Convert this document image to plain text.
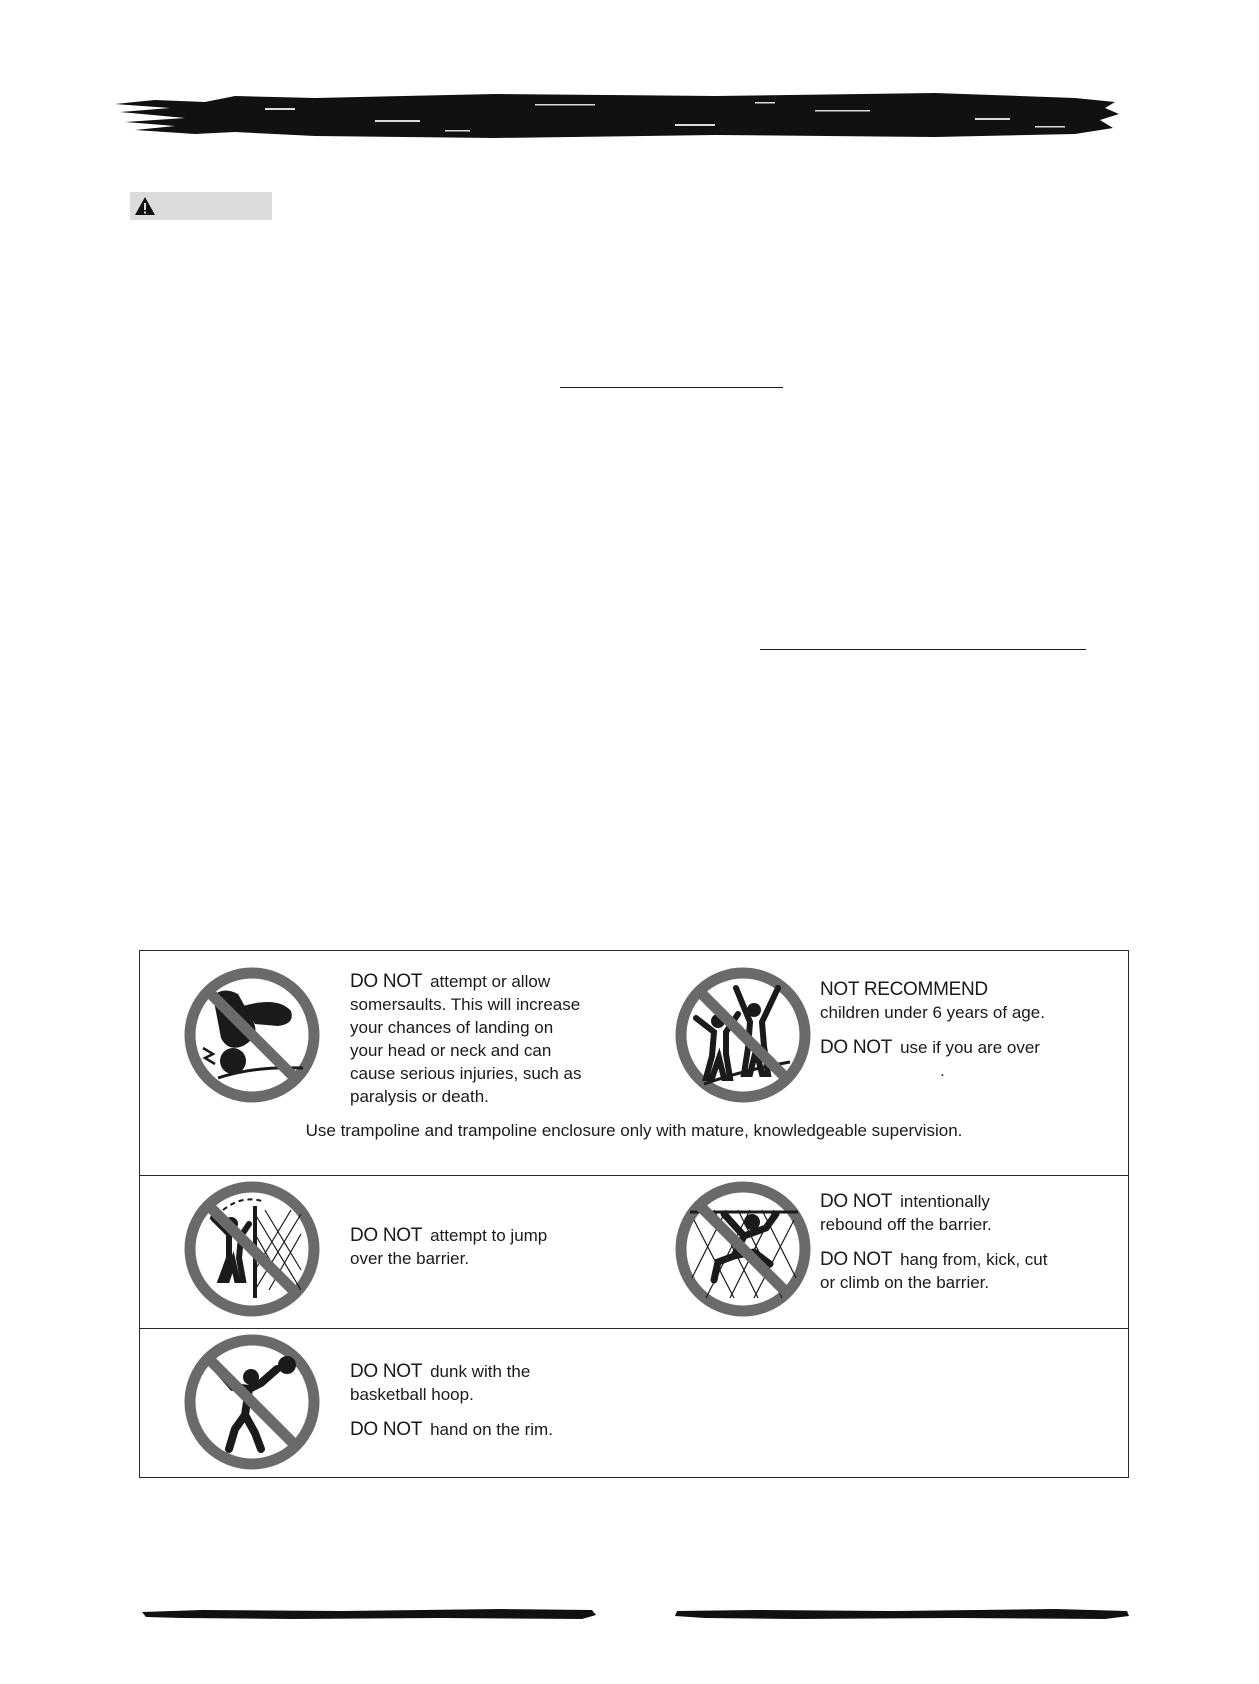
DO NOT attempt or allow
somersaults. This will increase
your chances of landing on
your head or neck and can
cause serious injuries, such as
paralysis or death.
NOT RECOMMEND
children under 6 years of age.
DO NOT use if you are over
.
Use trampoline and trampoline enclosure only with mature, knowledgeable supervision.
DO NOT attempt to jump
over the barrier.
DO NOT intentionally
rebound off the barrier.
DO NOT hang from, kick, cut
or climb on the barrier.
DO NOT dunk with the
basketball hoop.
DO NOT hand on the rim.
